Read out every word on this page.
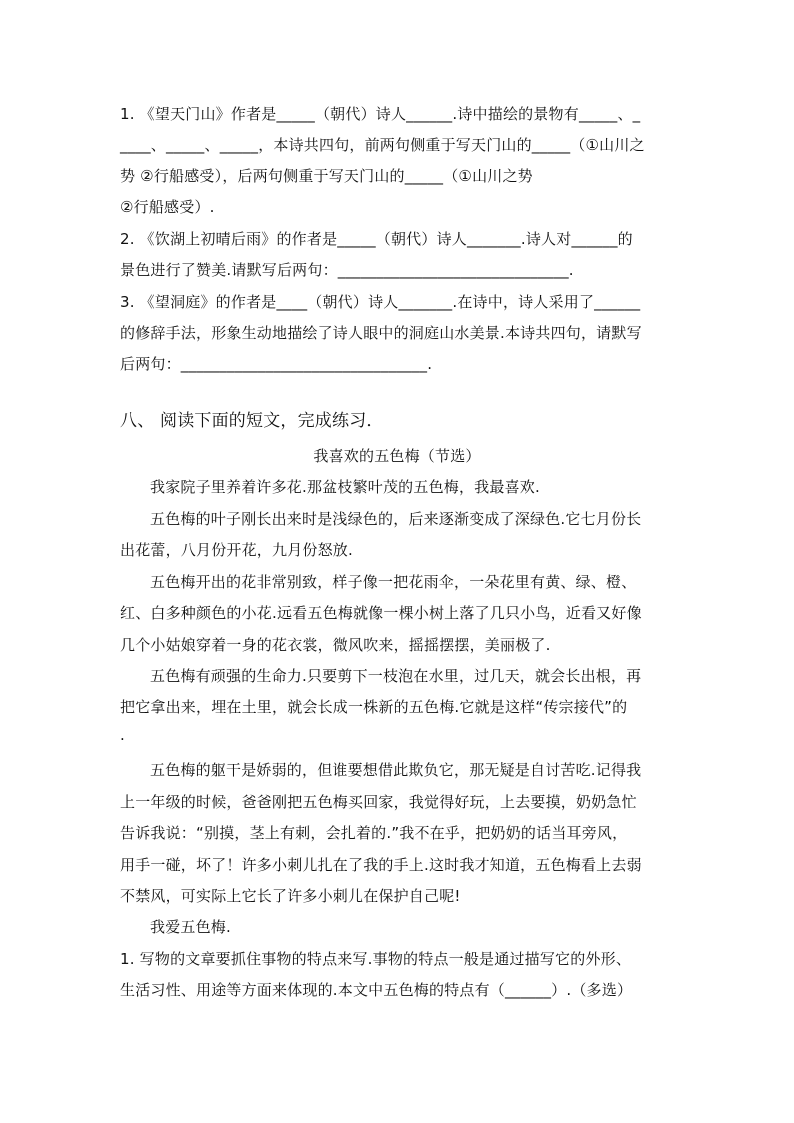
1. 《望天门山》作者是_____（朝代）诗人______.诗中描绘的景物有_____、_
____、_____、_____，本诗共四句，前两句侧重于写天门山的_____（①山川之
势 ②行船感受），后两句侧重于写天门山的_____（①山川之势
②行船感受）.
2. 《饮湖上初晴后雨》的作者是_____（朝代）诗人_______.诗人对______的
景色进行了赞美.请默写后两句：______________________________.
3. 《望洞庭》的作者是____（朝代）诗人_______.在诗中，诗人采用了______
的修辞手法，形象生动地描绘了诗人眼中的洞庭山水美景.本诗共四句，请默写
后两句：________________________________.
八、 阅读下面的短文，完成练习．
我喜欢的五色梅（节选）
我家院子里养着许多花.那盆枝繁叶茂的五色梅，我最喜欢.
五色梅的叶子刚长出来时是浅绿色的，后来逐渐变成了深绿色.它七月份长
出花蕾，八月份开花，九月份怒放.
五色梅开出的花非常别致，样子像一把花雨伞，一朵花里有黄、绿、橙、
红、白多种颜色的小花.远看五色梅就像一棵小树上落了几只小鸟，近看又好像
几个小姑娘穿着一身的花衣裳，微风吹来，摇摇摆摆，美丽极了.
五色梅有顽强的生命力.只要剪下一枝泡在水里，过几天，就会长出根，再
把它拿出来，埋在土里，就会长成一株新的五色梅.它就是这样“传宗接代”的
.
五色梅的躯干是娇弱的，但谁要想借此欺负它，那无疑是自讨苦吃.记得我
上一年级的时候，爸爸刚把五色梅买回家，我觉得好玩，上去要摸，奶奶急忙
告诉我说：“别摸，茎上有刺，会扎着的.”我不在乎，把奶奶的话当耳旁风，
用手一碰，坏了！许多小刺儿扎在了我的手上.这时我才知道，五色梅看上去弱
不禁风，可实际上它长了许多小刺儿在保护自己呢!
我爱五色梅.
1. 写物的文章要抓住事物的特点来写.事物的特点一般是通过描写它的外形、
生活习性、用途等方面来体现的.本文中五色梅的特点有（______）.（多选）
